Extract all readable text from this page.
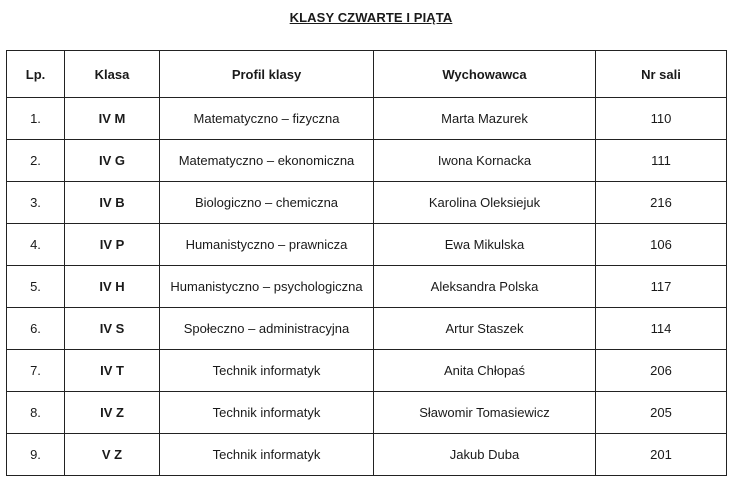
KLASY CZWARTE I PIĄTA
Lp.	Klasa	Profil klasy	Wychowawca	Nr sali
1.	IV M	Matematyczno – fizyczna	Marta Mazurek	110
2.	IV G	Matematyczno – ekonomiczna	Iwona Kornacka	111
3.	IV B	Biologiczno – chemiczna	Karolina Oleksiejuk	216
4.	IV P	Humanistyczno – prawnicza	Ewa Mikulska	106
5.	IV H	Humanistyczno – psychologiczna	Aleksandra Polska	117
6.	IV S	Społeczno – administracyjna	Artur Staszek	114
7.	IV T	Technik informatyk	Anita Chłopaś	206
8.	IV Z	Technik informatyk	Sławomir Tomasiewicz	205
9.	V Z	Technik informatyk	Jakub Duba	201
